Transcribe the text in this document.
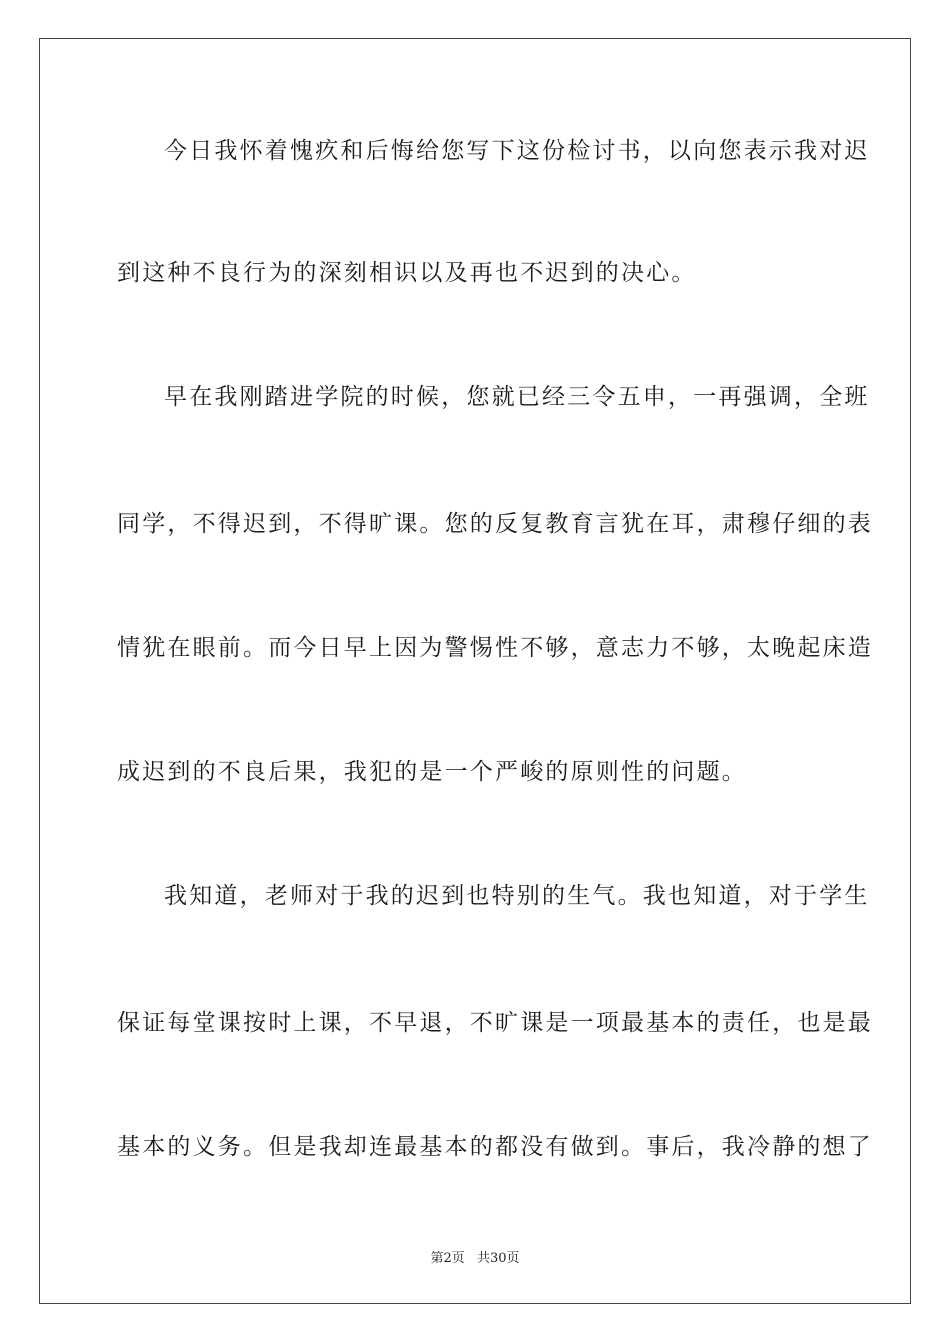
今日我怀着愧疚和后悔给您写下这份检讨书，以向您表示我对迟
到这种不良行为的深刻相识以及再也不迟到的决心。
早在我刚踏进学院的时候，您就已经三令五申，一再强调，全班
同学，不得迟到，不得旷课。您的反复教育言犹在耳，肃穆仔细的表
情犹在眼前。而今日早上因为警惕性不够，意志力不够，太晚起床造
成迟到的不良后果，我犯的是一个严峻的原则性的问题。
我知道，老师对于我的迟到也特别的生气。我也知道，对于学生
保证每堂课按时上课，不早退，不旷课是一项最基本的责任，也是最
基本的义务。但是我却连最基本的都没有做到。事后，我冷静的想了
第2页 共30页
